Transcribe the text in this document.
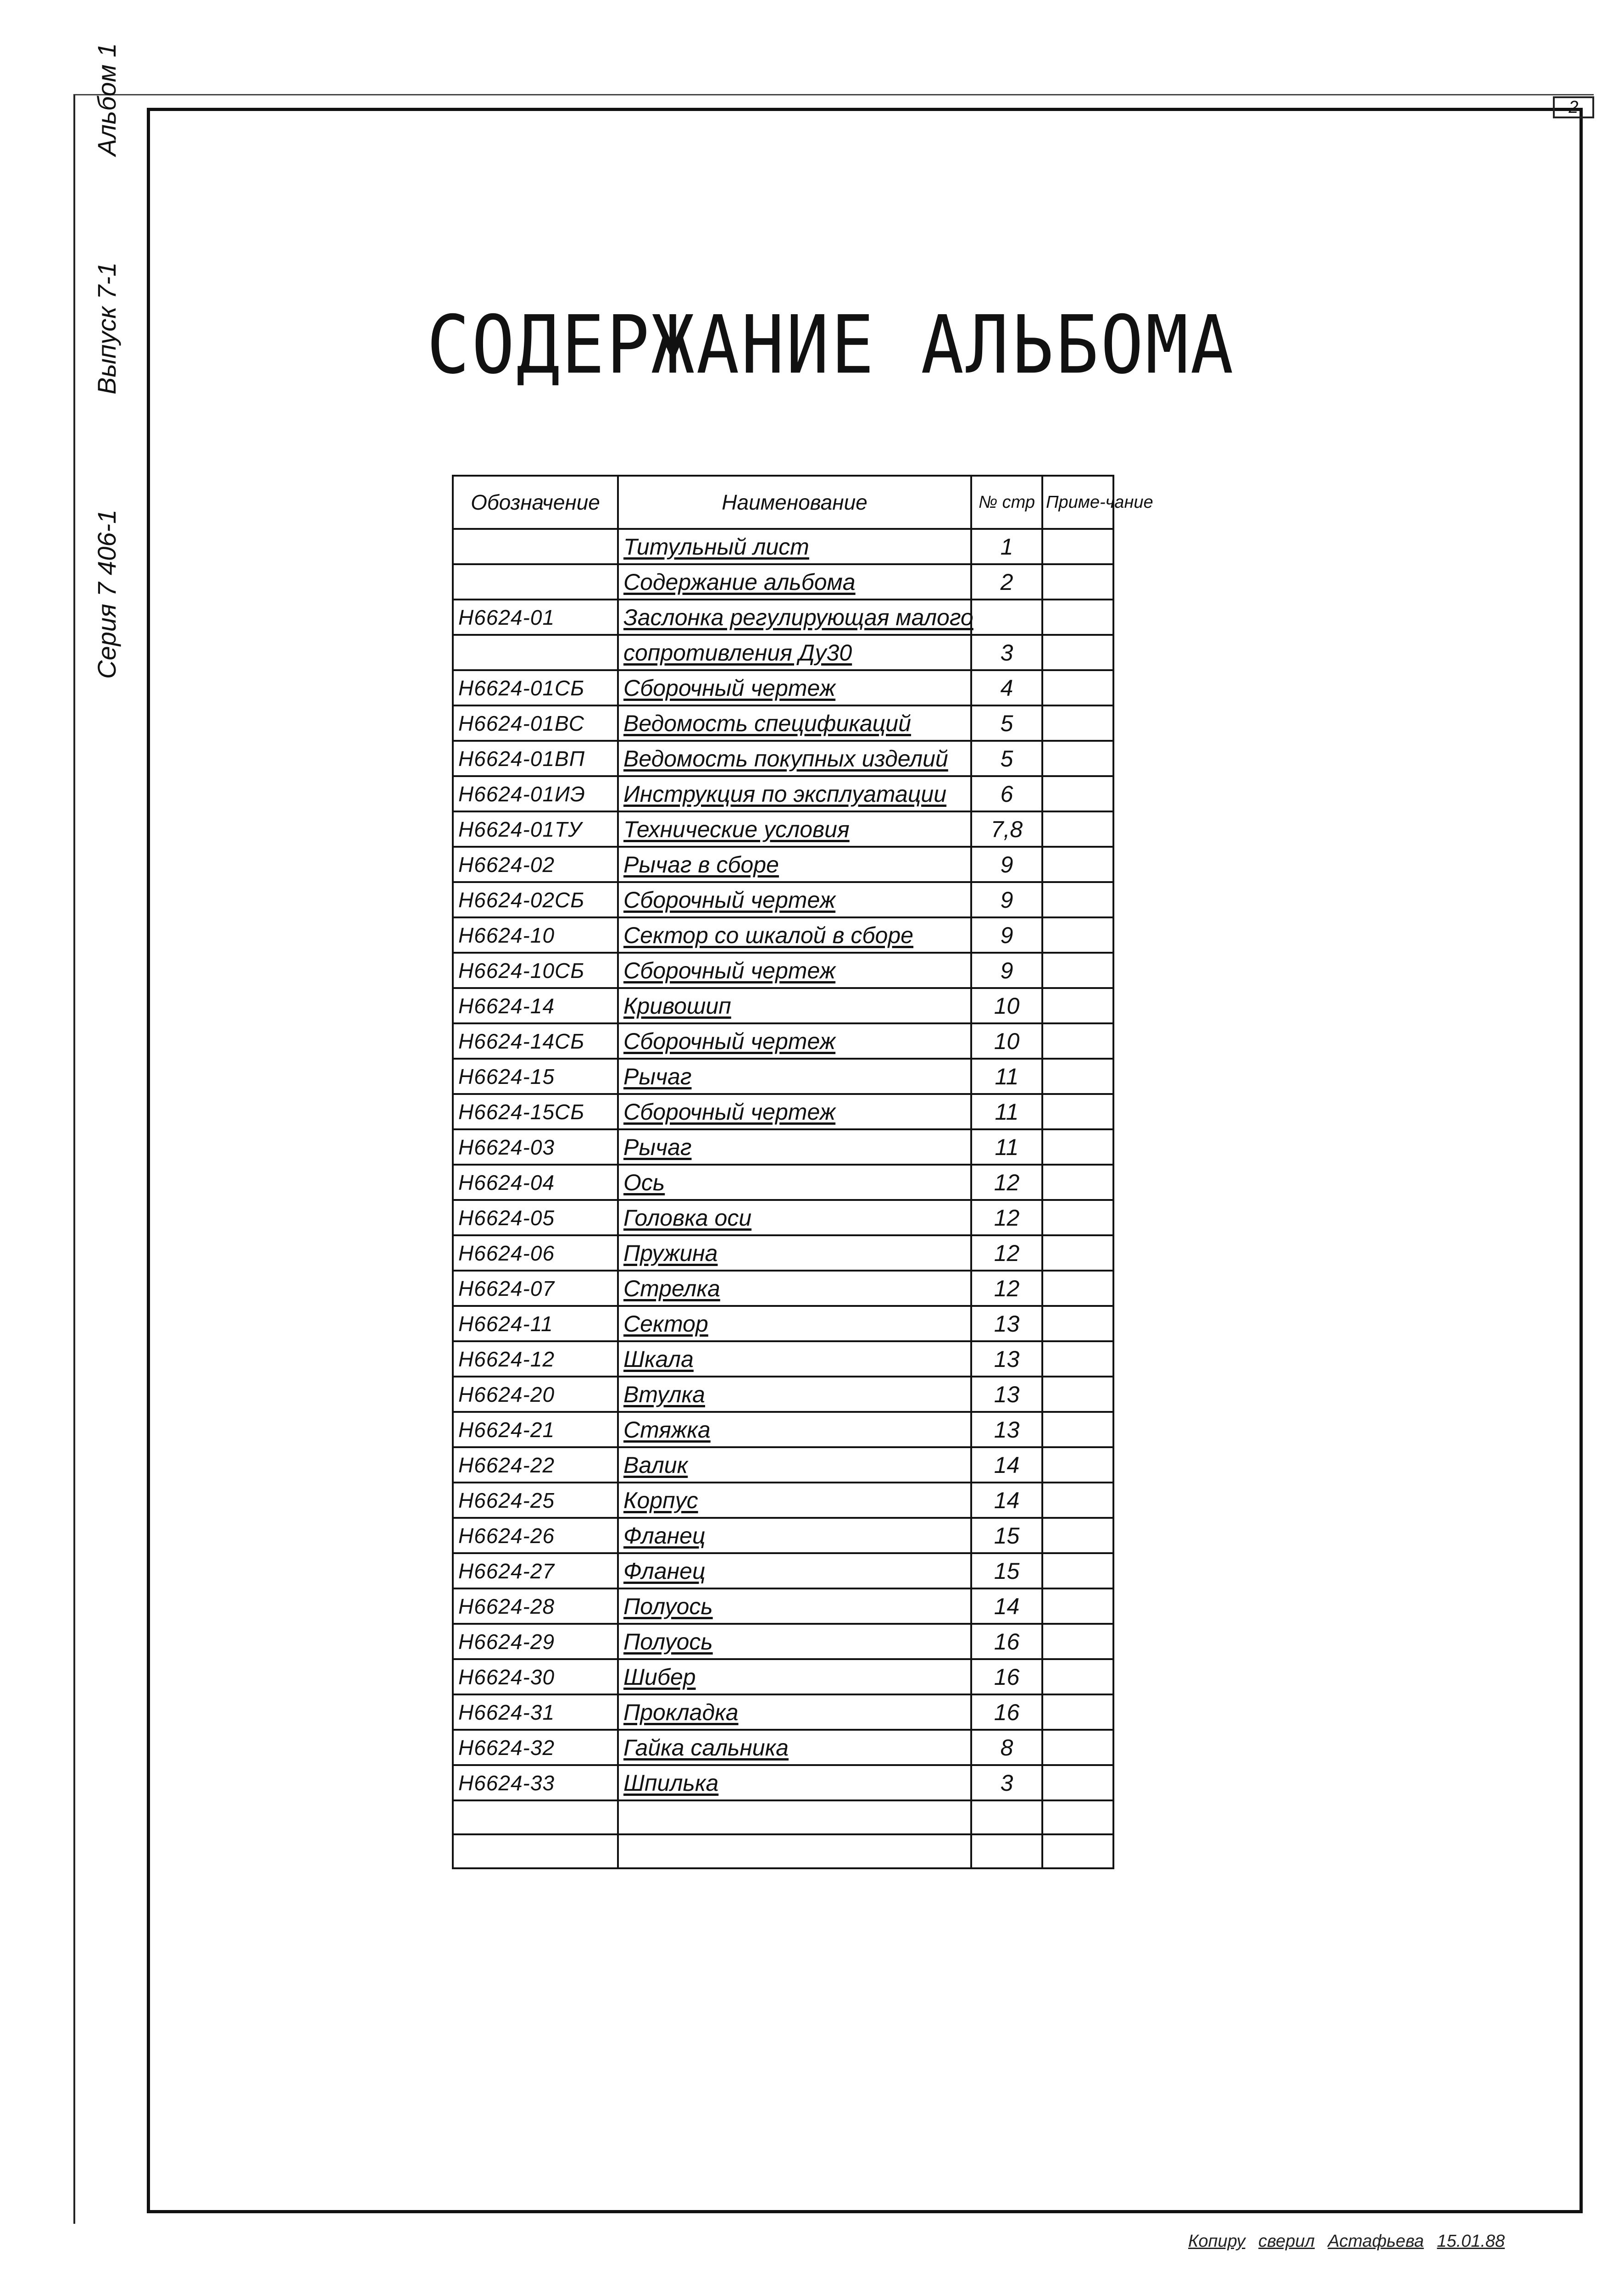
2
Серия 7 406-1
Выпуск 7-1
Альбом 1
СОДЕРЖАНИЕ АЛЬБОМА
Обозначение	Наименование	№ стр	Приме-чание
	Титульный лист	1	
	Содержание альбома	2	
Н6624-01	Заслонка регулирующая малого		
	сопротивления Ду30	3	
Н6624-01СБ	Сборочный чертеж	4	
Н6624-01ВС	Ведомость спецификаций	5	
Н6624-01ВП	Ведомость покупных изделий	5	
Н6624-01ИЭ	Инструкция по эксплуатации	6	
Н6624-01ТУ	Технические условия	7,8	
Н6624-02	Рычаг в сборе	9	
Н6624-02СБ	Сборочный чертеж	9	
Н6624-10	Сектор со шкалой в сборе	9	
Н6624-10СБ	Сборочный чертеж	9	
Н6624-14	Кривошип	10	
Н6624-14СБ	Сборочный чертеж	10	
Н6624-15	Рычаг	11	
Н6624-15СБ	Сборочный чертеж	11	
Н6624-03	Рычаг	11	
Н6624-04	Ось	12	
Н6624-05	Головка оси	12	
Н6624-06	Пружина	12	
Н6624-07	Стрелка	12	
Н6624-11	Сектор	13	
Н6624-12	Шкала	13	
Н6624-20	Втулка	13	
Н6624-21	Стяжка	13	
Н6624-22	Валик	14	
Н6624-25	Корпус	14	
Н6624-26	Фланец	15	
Н6624-27	Фланец	15	
Н6624-28	Полуось	14	
Н6624-29	Полуось	16	
Н6624-30	Шибер	16	
Н6624-31	Прокладка	16	
Н6624-32	Гайка сальника	8	
Н6624-33	Шпилька	3	

Копиру сверил Астафьева 15.01.88
